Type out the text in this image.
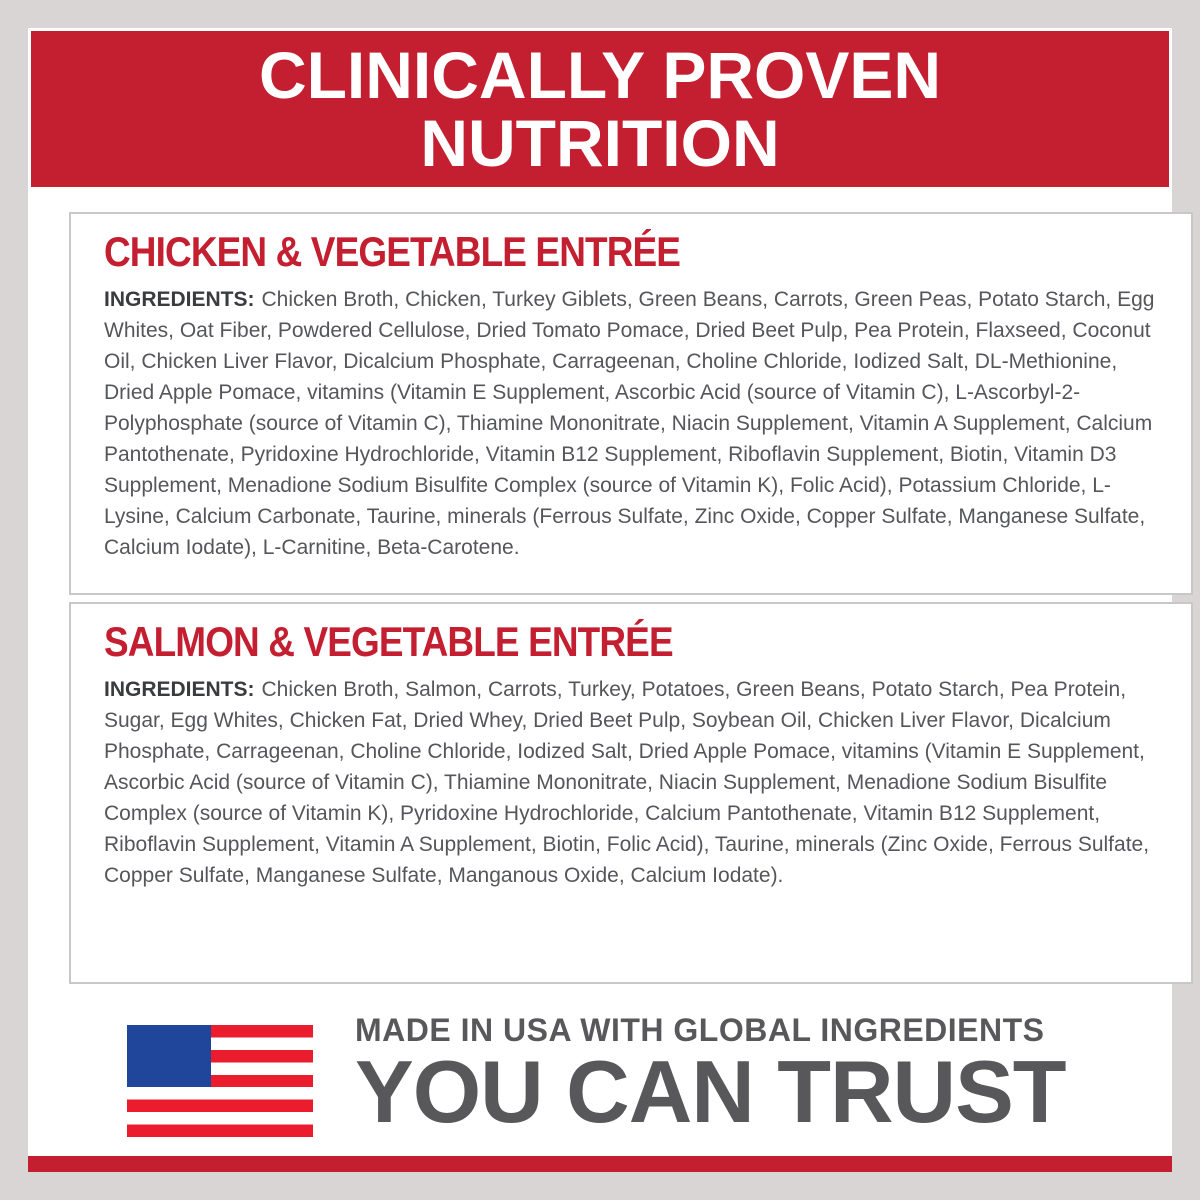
CLINICALLY PROVEN
NUTRITION
CHICKEN & VEGETABLE ENTRÉE

INGREDIENTS: Chicken Broth, Chicken, Turkey Giblets, Green Beans, Carrots, Green Peas, Potato Starch, Egg Whites, Oat Fiber, Powdered Cellulose, Dried Tomato Pomace, Dried Beet Pulp, Pea Protein, Flaxseed, Coconut Oil, Chicken Liver Flavor, Dicalcium Phosphate, Carrageenan, Choline Chloride, Iodized Salt, DL-Methionine, Dried Apple Pomace, vitamins (Vitamin E Supplement, Ascorbic Acid (source of Vitamin C), L-Ascorbyl-2- Polyphosphate (source of Vitamin C), Thiamine Mononitrate, Niacin Supplement, Vitamin A Supplement, Calcium Pantothenate, Pyridoxine Hydrochloride, Vitamin B12 Supplement, Riboflavin Supplement, Biotin, Vitamin D3 Supplement, Menadione Sodium Bisulfite Complex (source of Vitamin K), Folic Acid), Potassium Chloride, L-Lysine, Calcium Carbonate, Taurine, minerals (Ferrous Sulfate, Zinc Oxide, Copper Sulfate, Manganese Sulfate, Calcium Iodate), L-Carnitine, Beta-Carotene.

SALMON & VEGETABLE ENTRÉE

INGREDIENTS: Chicken Broth, Salmon, Carrots, Turkey, Potatoes, Green Beans, Potato Starch, Pea Protein, Sugar, Egg Whites, Chicken Fat, Dried Whey, Dried Beet Pulp, Soybean Oil, Chicken Liver Flavor, Dicalcium Phosphate, Carrageenan, Choline Chloride, Iodized Salt, Dried Apple Pomace, vitamins (Vitamin E Supplement, Ascorbic Acid (source of Vitamin C), Thiamine Mononitrate, Niacin Supplement, Menadione Sodium Bisulfite Complex (source of Vitamin K), Pyridoxine Hydrochloride, Calcium Pantothenate, Vitamin B12 Supplement, Riboflavin Supplement, Vitamin A Supplement, Biotin, Folic Acid), Taurine, minerals (Zinc Oxide, Ferrous Sulfate, Copper Sulfate, Manganese Sulfate, Manganous Oxide, Calcium Iodate).

MADE IN USA WITH GLOBAL INGREDIENTS
YOU CAN TRUST
